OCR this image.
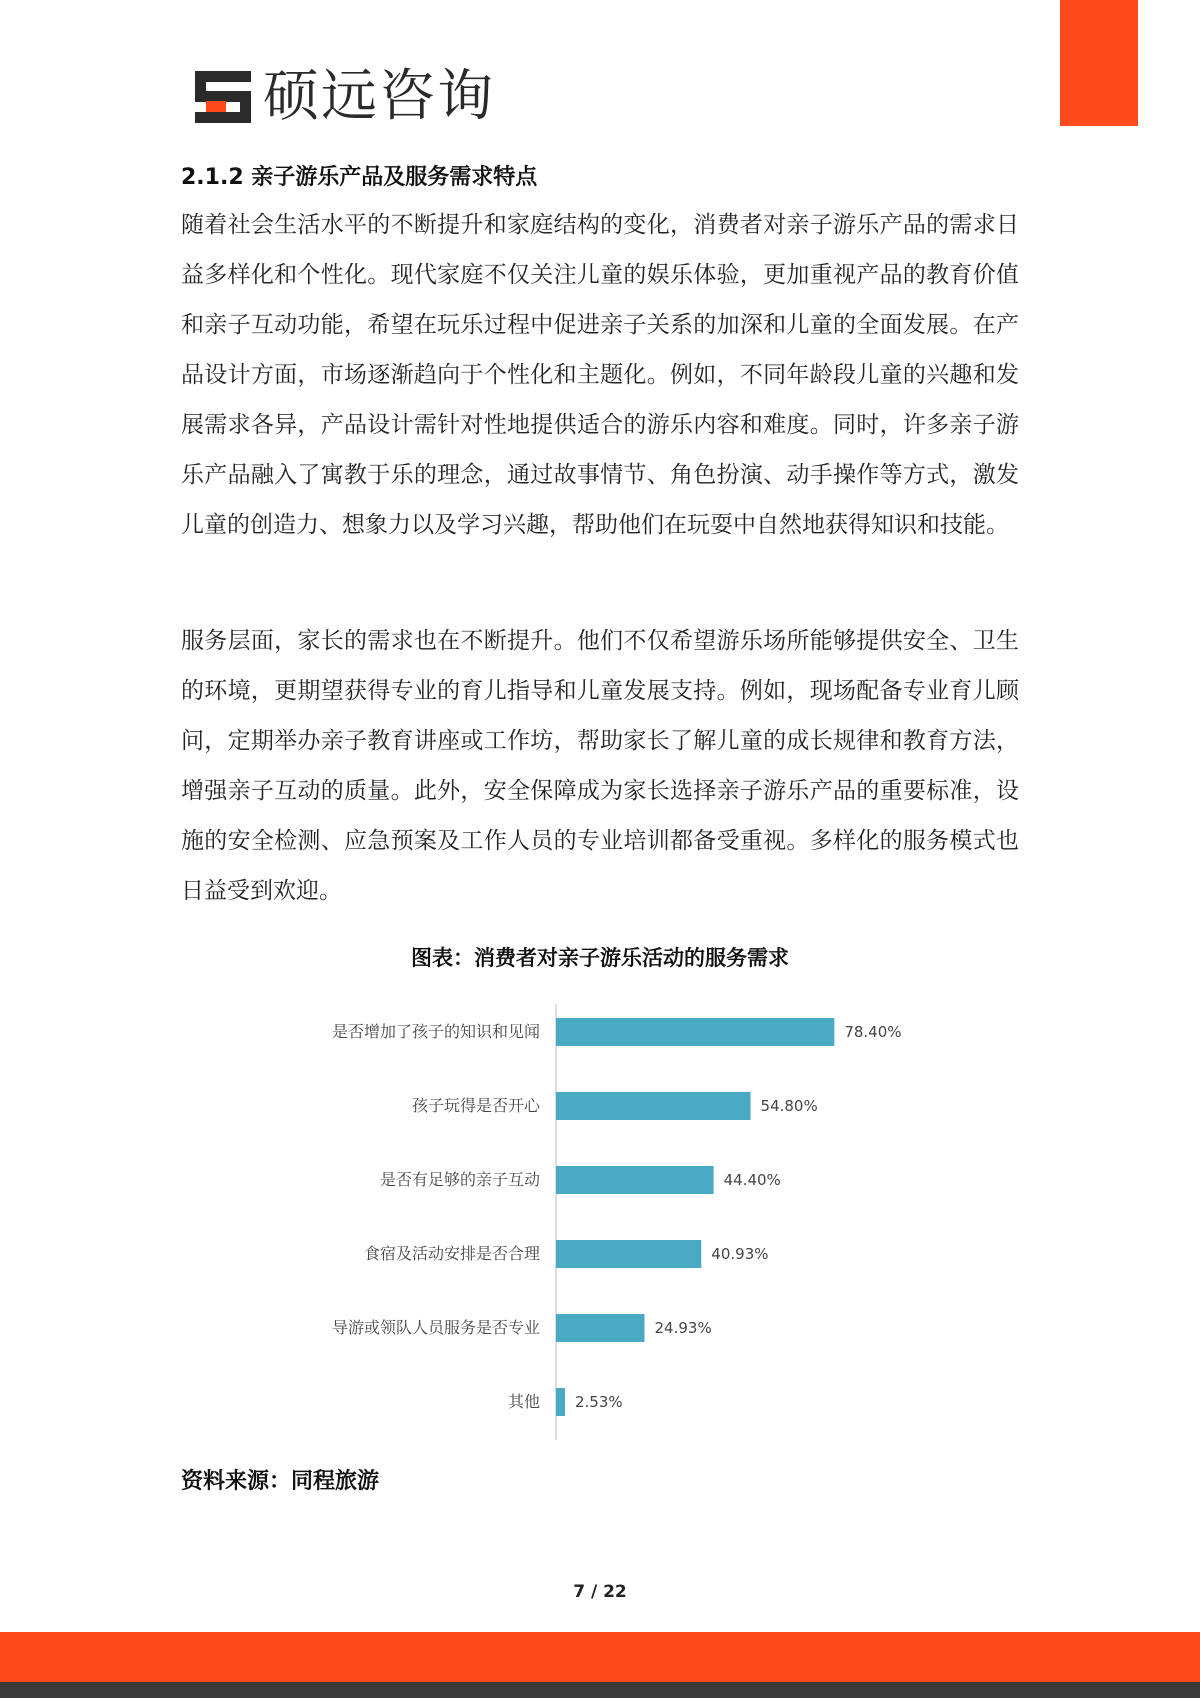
硕远咨询
2.1.2 亲子游乐产品及服务需求特点

随着社会生活水平的不断提升和家庭结构的变化，消费者对亲子游乐产品的需求日益多样化和个性化。现代家庭不仅关注儿童的娱乐体验，更加重视产品的教育价值和亲子互动功能，希望在玩乐过程中促进亲子关系的加深和儿童的全面发展。在产品设计方面，市场逐渐趋向于个性化和主题化。例如，不同年龄段儿童的兴趣和发展需求各异，产品设计需针对性地提供适合的游乐内容和难度。同时，许多亲子游乐产品融入了寓教于乐的理念，通过故事情节、角色扮演、动手操作等方式，激发儿童的创造力、想象力以及学习兴趣，帮助他们在玩耍中自然地获得知识和技能。

服务层面，家长的需求也在不断提升。他们不仅希望游乐场所能够提供安全、卫生的环境，更期望获得专业的育儿指导和儿童发展支持。例如，现场配备专业育儿顾问，定期举办亲子教育讲座或工作坊，帮助家长了解儿童的成长规律和教育方法，增强亲子互动的质量。此外，安全保障成为家长选择亲子游乐产品的重要标准，设施的安全检测、应急预案及工作人员的专业培训都备受重视。多样化的服务模式也日益受到欢迎。

图表：消费者对亲子游乐活动的服务需求
是否增加了孩子的知识和见闻	78.40%
孩子玩得是否开心	54.80%
是否有足够的亲子互动	44.40%
食宿及活动安排是否合理	40.93%
导游或领队人员服务是否专业	24.93%
其他 2.53%
资料来源：同程旅游
7 / 22
